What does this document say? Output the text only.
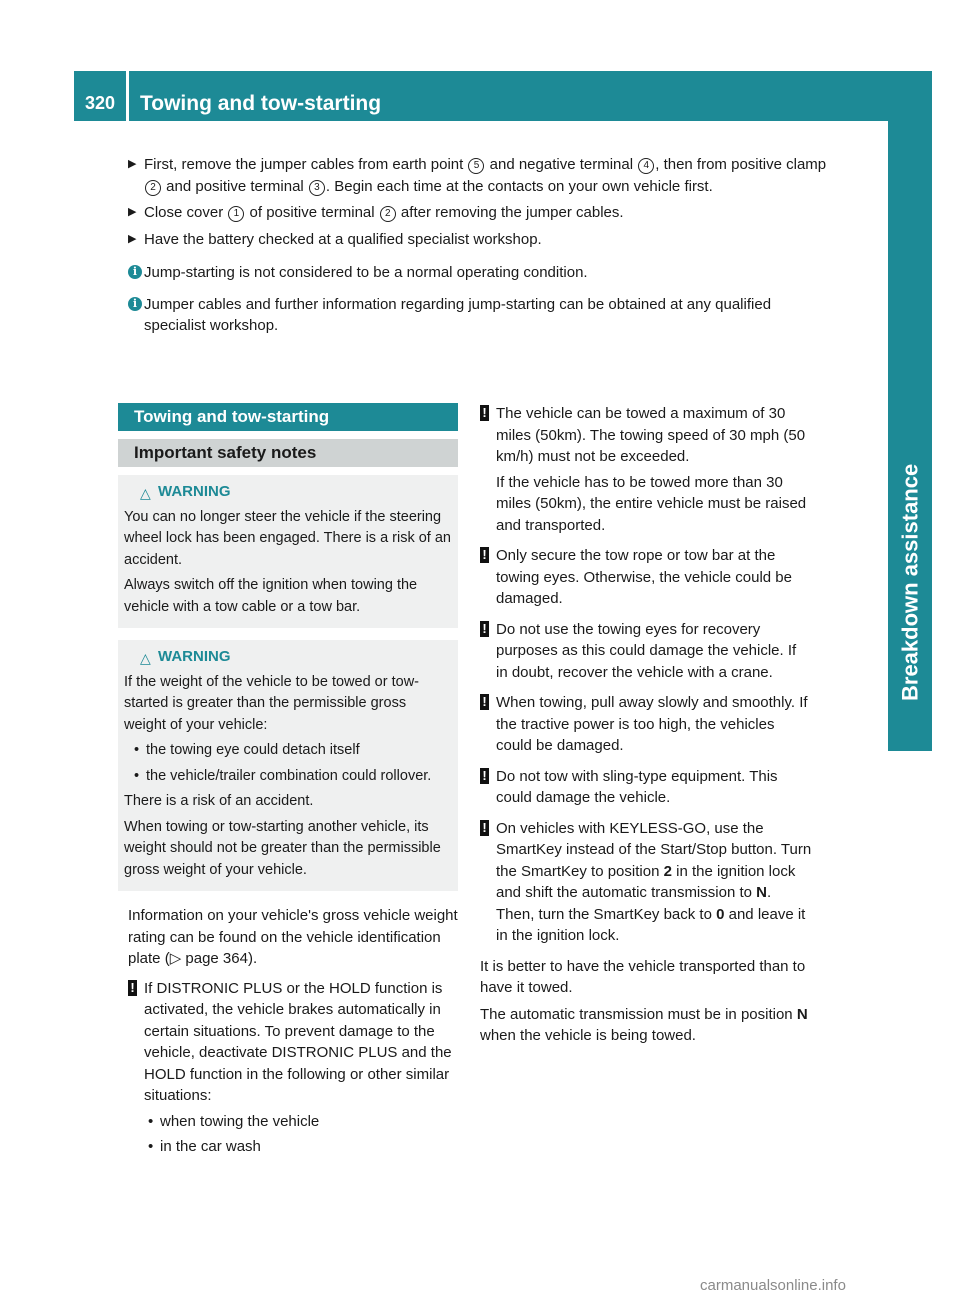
320	Towing and tow-starting
Breakdown assistance
▶ First, remove the jumper cables from earth point 5 and negative terminal 4 , then from positive clamp 2 and positive terminal 3 . Begin each time at the contacts on your own vehicle first.
▶ Close cover 1 of positive terminal 2 after removing the jumper cables.
▶ Have the battery checked at a qualified specialist workshop.
i Jump-starting is not considered to be a normal operating condition.
i Jumper cables and further information regarding jump-starting can be obtained at any qualified specialist workshop.
Towing and tow-starting
Important safety notes
△ WARNING

You can no longer steer the vehicle if the steering wheel lock has been engaged. There is a risk of an accident.

Always switch off the ignition when towing the vehicle with a tow cable or a tow bar.

△ WARNING

If the weight of the vehicle to be towed or tow-started is greater than the permissible gross weight of your vehicle:

• the towing eye could detach itself
• the vehicle/trailer combination could rollover.

There is a risk of an accident.

When towing or tow-starting another vehicle, its weight should not be greater than the permissible gross weight of your vehicle.

Information on your vehicle's gross vehicle weight rating can be found on the vehicle identification plate (▷ page 364).

! If DISTRONIC PLUS or the HOLD function is activated, the vehicle brakes automatically in certain situations. To prevent damage to the vehicle, deactivate DISTRONIC PLUS and the HOLD function in the following or other similar situations:
• when towing the vehicle
• in the car wash
! The vehicle can be towed a maximum of 30 miles (50km). The towing speed of 30 mph (50 km/h) must not be exceeded.
If the vehicle has to be towed more than 30 miles (50km), the entire vehicle must be raised and transported.
! Only secure the tow rope or tow bar at the towing eyes. Otherwise, the vehicle could be damaged.
! Do not use the towing eyes for recovery purposes as this could damage the vehicle. If in doubt, recover the vehicle with a crane.
! When towing, pull away slowly and smoothly. If the tractive power is too high, the vehicles could be damaged.
! Do not tow with sling-type equipment. This could damage the vehicle.
! On vehicles with KEYLESS-GO, use the SmartKey instead of the Start/Stop button. Turn the SmartKey to position 2 in the ignition lock and shift the automatic transmission to N. Then, turn the SmartKey back to 0 and leave it in the ignition lock.

It is better to have the vehicle transported than to have it towed.

The automatic transmission must be in position N when the vehicle is being towed.

carmanualsonline.info
